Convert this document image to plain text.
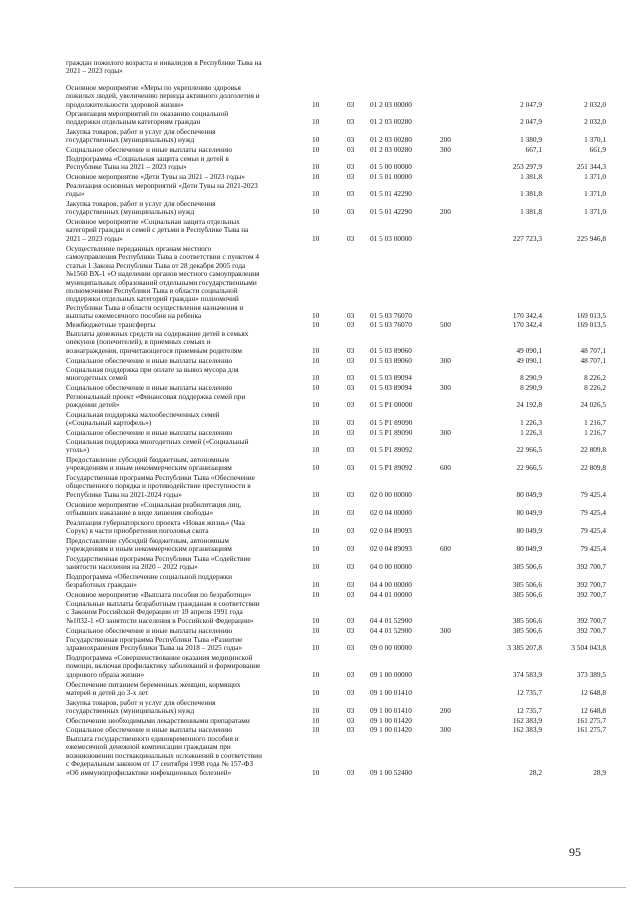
граждан пожилого возраста и инвалидов в Республике Тыва на
2021 – 2023 годы»
Основное мероприятие «Меры по укреплению здоровья
пожилых людей, увеличению периода активного долголетия и
продолжительности здоровой жизни»	10	03	01 2 03 00000	2 047,9	2 032,0
Организация мероприятий по оказанию социальной
поддержки отдельным категориям граждан	10	03	01 2 03 00280	2 047,9	2 032,0
Закупка товаров, работ и услуг для обеспечения
государственных (муниципальных) нужд	10	03	01 2 03 00280	200	1 380,9	1 370,1
Социальное обеспечение и иные выплаты населению	10	03	01 2 03 00280	300	667,1	661,9
Подпрограмма «Социальная защита семьи и детей в
Республике Тыва на 2021 – 2023 годы»	10	03	01 5 00 00000	253 297,9	251 344,3
Основное мероприятие «Дети Тувы на 2021 – 2023 годы»	10	03	01 5 01 00000	1 381,8	1 371,0
Реализация основных мероприятий «Дети Тувы на 2021-2023
годы»	10	03	01 5 01 42290	1 381,8	1 371,0
Закупка товаров, работ и услуг для обеспечения
государственных (муниципальных) нужд	10	03	01 5 01 42290	200	1 381,8	1 371,0
Основное мероприятие «Социальная защита отдельных
категорий граждан и семей с детьми в Республике Тыва на
2021 – 2023 годы»	10	03	01 5 03 00000	227 723,3	225 946,8
Осуществление переданных органам местного
самоуправления Республики Тыва в соответствии с пунктом 4
статьи 1 Закона Республики Тыва от 28 декабря 2005 года
№1560 ВХ-1 «О наделении органов местного самоуправления
муниципальных образований отдельными государственными
полномочиями Республики Тыва в области социальной
поддержки отдельных категорий граждан» полномочий
Республики Тыва в области осуществления назначения и
выплаты ежемесячного пособия на ребенка	10	03	01 5 03 76070	170 342,4	169 013,5
Межбюджетные трансферты	10	03	01 5 03 76070	500	170 342,4	169 013,5
Выплаты денежных средств на содержание детей в семьях
опекунов (попечителей), в приемных семьях и
вознаграждения, причитающегося приемным родителям	10	03	01 5 03 89060	49 090,1	48 707,1
Социальное обеспечение и иные выплаты населению	10	03	01 5 03 89060	300	49 090,1	48 707,1
Социальная поддержка при оплате за вывоз мусора для
многодетных семей	10	03	01 5 03 89094	8 290,9	8 226,2
Социальное обеспечение и иные выплаты населению	10	03	01 5 03 89094	300	8 290,9	8 226,2
Региональный проект «Финансовая поддержка семей при
рождении детей»	10	03	01 5 Р1 00000	24 192,8	24 026,5
Социальная поддержка малообеспеченных семей
(«Социальный картофель»)	10	03	01 5 Р1 89090	1 226,3	1 216,7
Социальное обеспечение и иные выплаты населению	10	03	01 5 Р1 89090	300	1 226,3	1 216,7
Социальная поддержка многодетных семей («Социальный
уголь»)	10	03	01 5 Р1 89092	22 966,5	22 809,8
Предоставление субсидий бюджетным, автономным
учреждениям и иным некоммерческим организациям	10	03	01 5 Р1 89092	600	22 966,5	22 809,8
Государственная программа Республики Тыва «Обеспечение
общественного порядка и противодействие преступности в
Республике Тыва на 2021-2024 годы»	10	03	02 0 00 00000	80 049,9	79 425,4
Основное мероприятие «Социальная реабилитация лиц,
отбывших наказание в виде лишения свободы»	10	03	02 0 04 00000	80 049,9	79 425,4
Реализация губернаторского проекта «Новая жизнь» (Чаа
Сорук) в части приобретения поголовья скота	10	03	02 0 04 89093	80 049,9	79 425,4
Предоставление субсидий бюджетным, автономным
учреждениям и иным некоммерческим организациям	10	03	02 0 04 89093	600	80 049,9	79 425,4
Государственная программа Республики Тыва «Содействие
занятости населения на 2020 – 2022 годы»	10	03	04 0 00 00000	385 506,6	392 700,7
Подпрограмма «Обеспечение социальной поддержки
безработных граждан»	10	03	04 4 00 00000	385 506,6	392 700,7
Основное мероприятие «Выплата пособия по безработице»	10	03	04 4 01 00000	385 506,6	392 700,7
Социальные выплаты безработным гражданам в соответствии
с Законом Российской Федерации от 19 апреля 1991 года
№1032-1 «О занятости населения в Российской Федерации»	10	03	04 4 01 52900	385 506,6	392 700,7
Социальное обеспечение и иные выплаты населению	10	03	04 4 01 52900	300	385 506,6	392 700,7
Государственная программа Республики Тыва «Развитие
здравоохранения Республики Тыва на 2018 – 2025 годы»	10	03	09 0 00 00000	3 385 207,8	3 504 043,8
Подпрограмма «Совершенствование оказания медицинской
помощи, включая профилактику заболеваний и формирование
здорового образа жизни»	10	03	09 1 00 00000	374 583,9	373 389,5
Обеспечение питанием беременных женщин, кормящих
матерей и детей до 3-х лет	10	03	09 1 00 01410	12 735,7	12 648,8
Закупка товаров, работ и услуг для обеспечения
государственных (муниципальных) нужд	10	03	09 1 00 01410	200	12 735,7	12 648,8
Обеспечение необходимыми лекарственными препаратами	10	03	09 1 00 01420	162 383,9	161 275,7
Социальное обеспечение и иные выплаты населению	10	03	09 1 00 01420	300	162 383,9	161 275,7
Выплата государственного единовременного пособия и
ежемесячной денежной компенсации гражданам при
возникновении поствакцинальных осложнений в соответствии
с Федеральным законом от 17 сентября 1998 года № 157-ФЗ
«Об иммунопрофилактике инфекционных болезней»	10	03	09 1 00 52400	28,2	28,9
95
